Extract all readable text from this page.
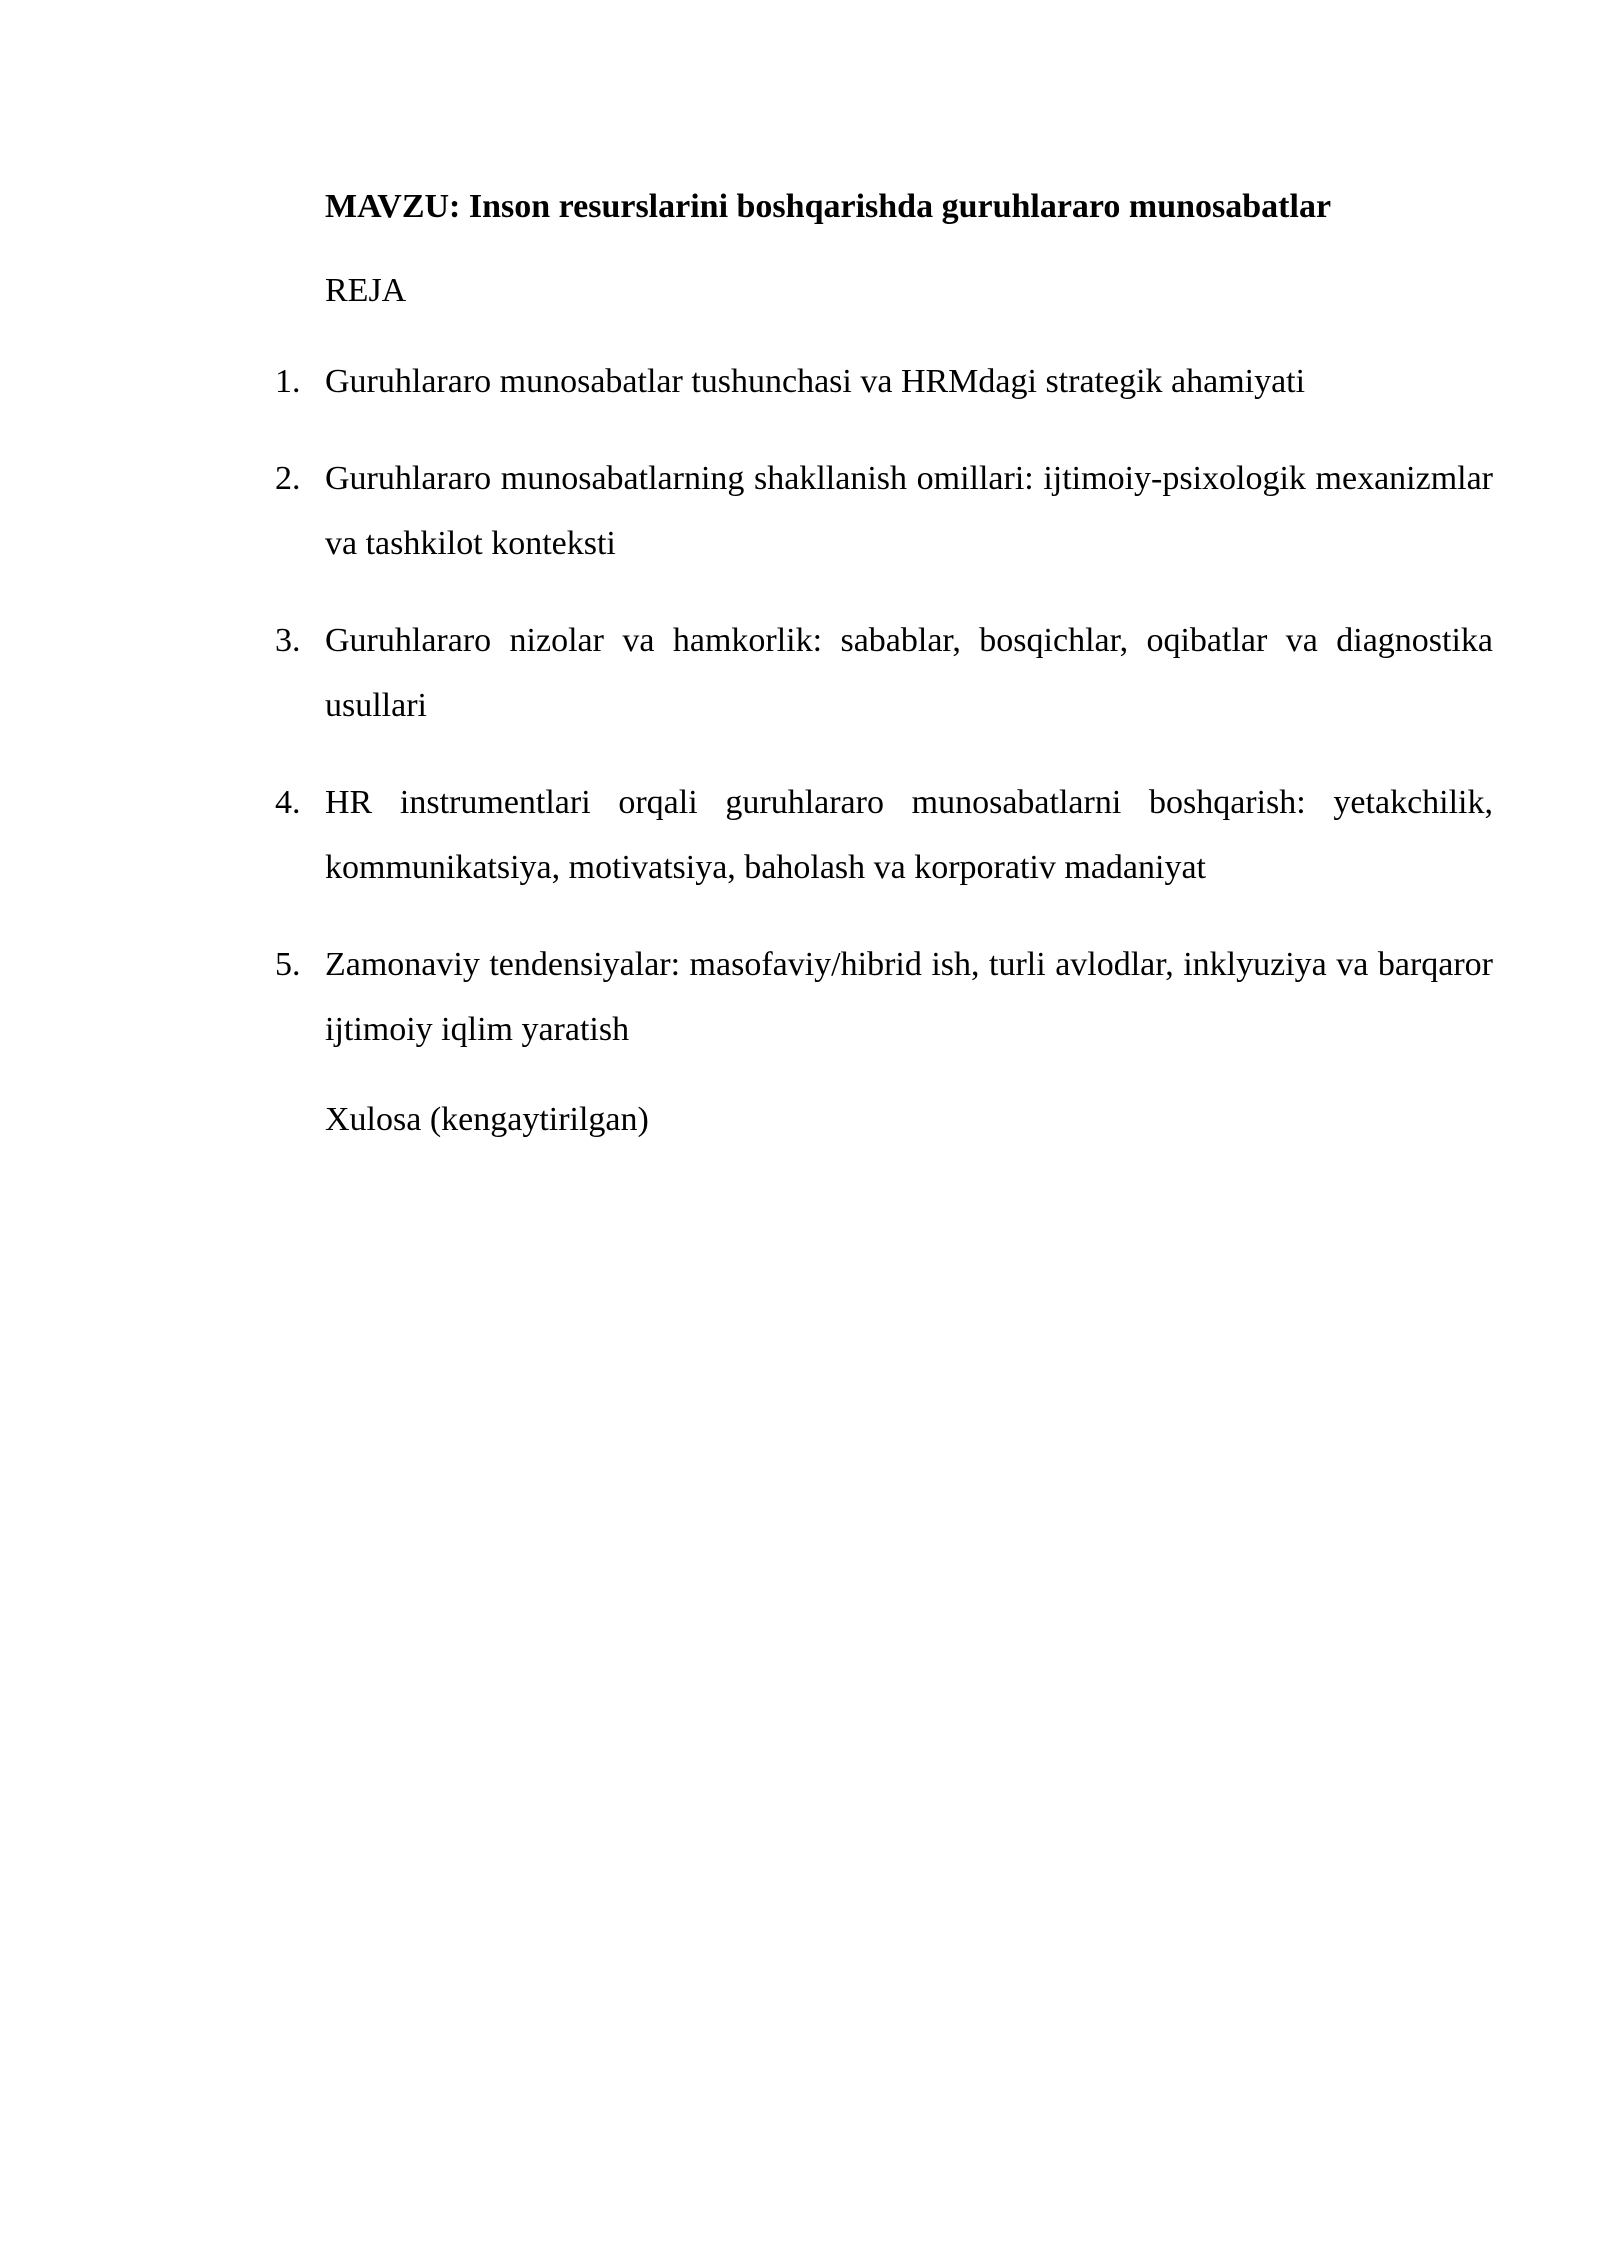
MAVZU: Inson resurslarini boshqarishda guruhlararo munosabatlar

REJA

1. Guruhlararo munosabatlar tushunchasi va HRMdagi strategik ahamiyati
2. Guruhlararo munosabatlarning shakllanish omillari: ijtimoiy-psixologik mexanizmlar va tashkilot konteksti
3. Guruhlararo nizolar va hamkorlik: sabablar, bosqichlar, oqibatlar va diagnostika usullari
4. HR instrumentlari orqali guruhlararo munosabatlarni boshqarish: yetakchilik, kommunikatsiya, motivatsiya, baholash va korporativ madaniyat
5. Zamonaviy tendensiyalar: masofaviy/hibrid ish, turli avlodlar, inklyuziya va barqaror ijtimoiy iqlim yaratish

Xulosa (kengaytirilgan)
